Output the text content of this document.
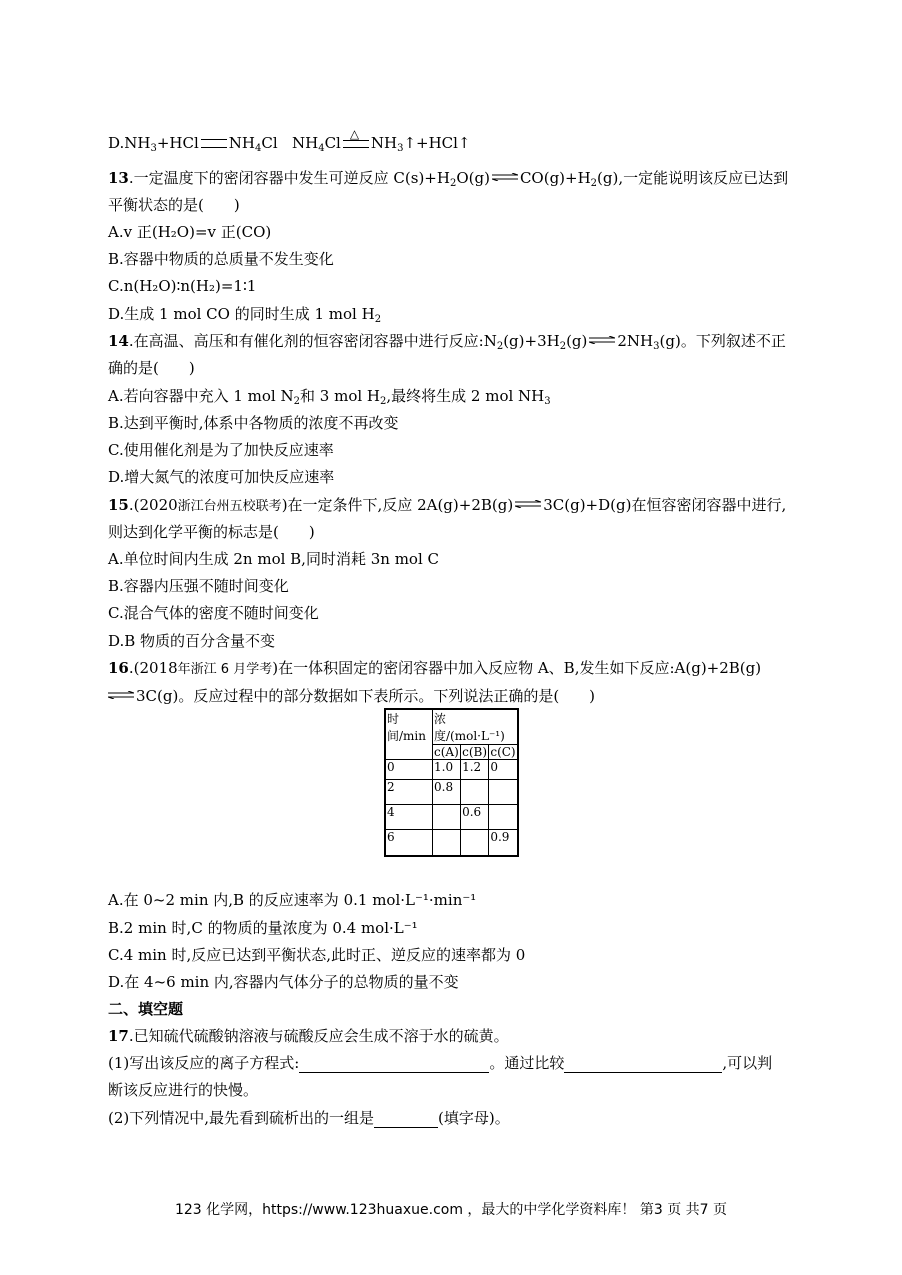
$D.NH_3+HCl$ $NH_4Cl$ $NH_4Cl$ △ $NH_3↑+HCl↑$
13.一定温度下的密闭容器中发生可逆反应 $C(s)+H_2O(g)$ ⇌ $CO(g)+H_2(g)$,一定能说明该反应已达到
平衡状态的是(　　)
A.v 正(H₂O)=v 正(CO)
B.容器中物质的总质量不发生变化
C.n(H₂O)∶n(H₂)=1∶1
D.生成 1 mol CO 的同时生成 1 mol $H_2$
14.在高温、高压和有催化剂的恒容密闭容器中进行反应$:N_2(g)+3H_2(g)$ ⇌ $2NH_3(g)$。下列叙述不正
确的是(　　)
A.若向容器中充入 1 mol $N_2$和 3 mol $H_2$,最终将生成 2 mol $NH_3$
B.达到平衡时,体系中各物质的浓度不再改变
C.使用催化剂是为了加快反应速率
D.增大氮气的浓度可加快反应速率
15.(2020浙江台州五校联考)在一定条件下,反应 2A(g)+2B(g) ⇌ 3C(g)+D(g)在恒容密闭容器中进行,
则达到化学平衡的标志是(　　)
A.单位时间内生成 2n mol B,同时消耗 3n mol C
B.容器内压强不随时间变化
C.混合气体的密度不随时间变化
D.B 物质的百分含量不变
16.(2018年浙江 6 月学考)在一体积固定的密闭容器中加入反应物 A、B,发生如下反应:A(g)+2B(g)
⇌ 3C(g)。反应过程中的部分数据如下表所示。下列说法正确的是(　　)
时间/min	浓度/(mol·L⁻¹)		
	c(A)	c(B)	c(C)
0	1.0	1.2	0
2	0.8		
4		0.6	
6			0.9
A.在 0~2 min 内,B 的反应速率为 0.1 mol·L⁻¹·min⁻¹
B.2 min 时,C 的物质的量浓度为 0.4 mol·L⁻¹
C.4 min 时,反应已达到平衡状态,此时正、逆反应的速率都为 0
D.在 4~6 min 内,容器内气体分子的总物质的量不变
二、填空题
17.已知硫代硫酸钠溶液与硫酸反应会生成不溶于水的硫黄。
(1)写出该反应的离子方程式:	。通过比较	,可以判
断该反应进行的快慢。
(2)下列情况中,最先看到硫析出的一组是	(填字母)。
123 化学网，https://www.123huaxue.com ，最大的中学化学资料库！ 第3 页 共7 页
